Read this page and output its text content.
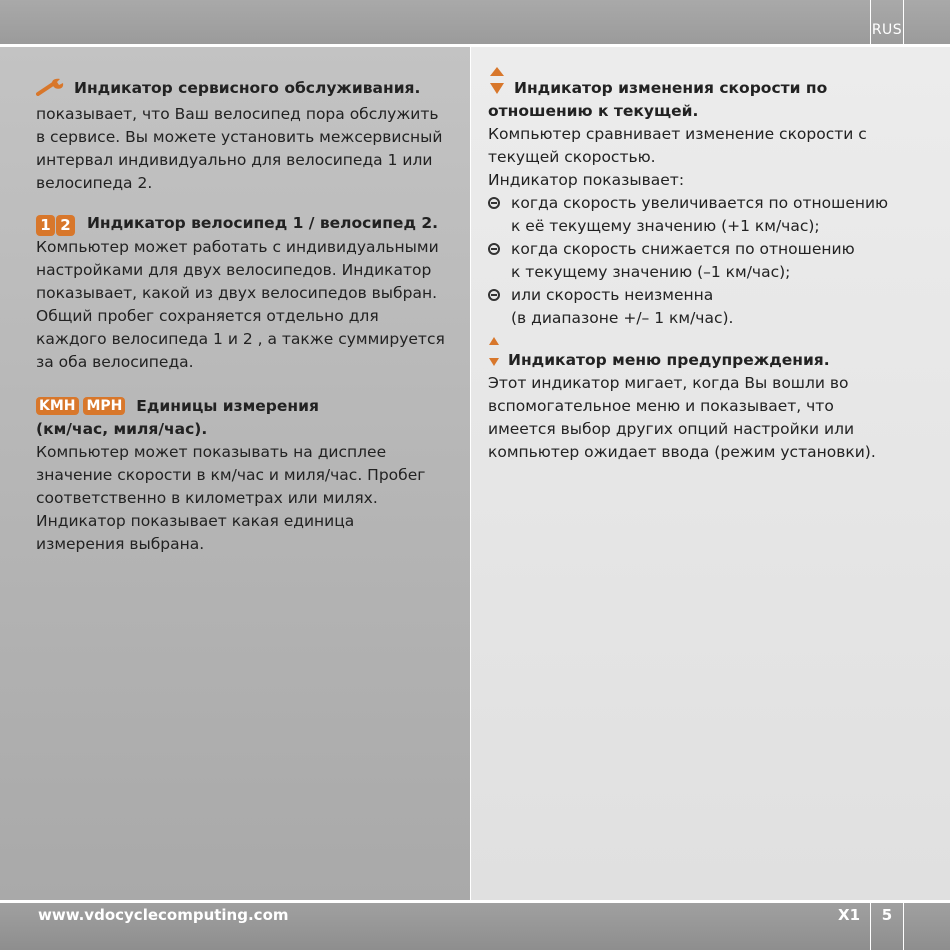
RUS

Индикатор сервисного обслуживания.

показывает, что Ваш велосипед пора обслужить

в сервисе. Вы можете установить межсервисный

интервал индивидуально для велосипеда 1 или

велосипеда 2.

1 2 Индикатор велосипед 1 / велосипед 2.

Компьютер может работать с индивидуальными

настройками для двух велосипедов. Индикатор

показывает, какой из двух велосипедов выбран.

Общий пробег сохраняется отдельно для

каждого велосипеда 1 и 2 , а также суммируется

за оба велосипеда.

KMH MPH Единицы измерения

(км/час, миля/час).

Компьютер может показывать на дисплее

значение скорости в км/час и миля/час. Пробег

соответственно в километрах или милях.

Индикатор показывает какая единица

измерения выбрана.

Индикатор изменения скорости по

отношению к текущей.

Компьютер сравнивает изменение скорости с

текущей скоростью.

Индикатор показывает:

когда скорость увеличивается по отношению

к её текущему значению (+1 км/час);

когда скорость снижается по отношению

к текущему значению (–1 км/час);

или скорость неизменна

(в диапазоне +/– 1 км/час).

Индикатор меню предупреждения.

Этот индикатор мигает, когда Вы вошли во

вспомогательное меню и показывает, что

имеется выбор других опций настройки или

компьютер ожидает ввода (режим установки).

www.vdocyclecomputing.com	X1	5
